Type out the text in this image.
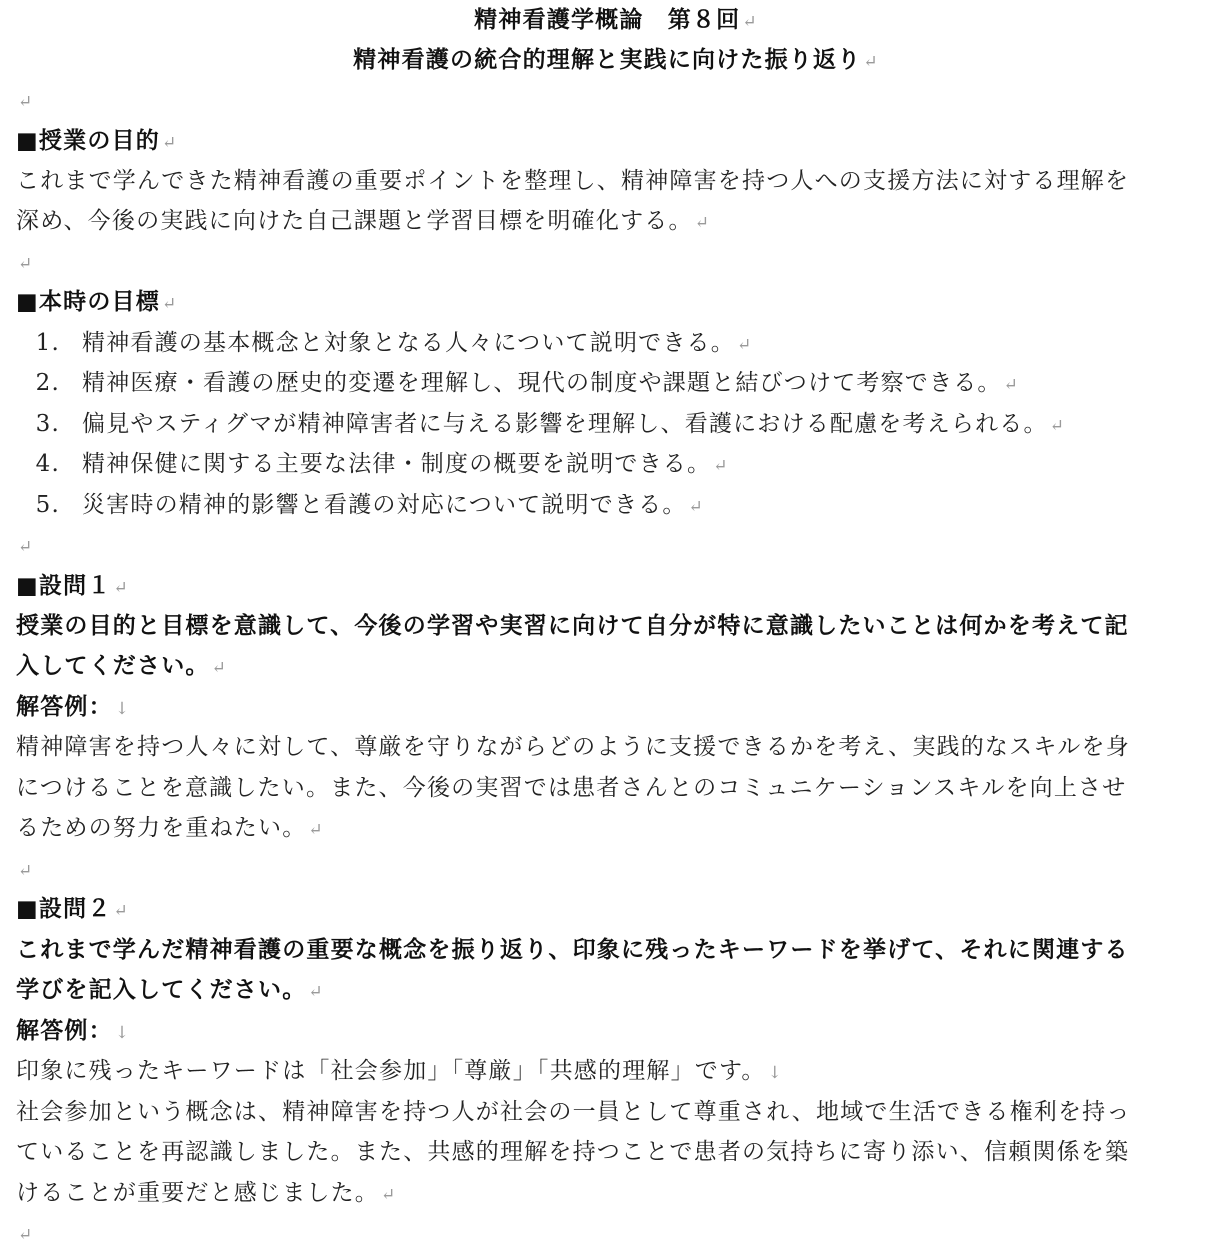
精神看護学概論　第８回 ↵
精神看護の統合的理解と実践に向けた振り返り ↵
↵
■授業の目的 ↵
これまで学んできた精神看護の重要ポイントを整理し、精神障害を持つ人への支援方法に対する理解を
深め、今後の実践に向けた自己課題と学習目標を明確化する。 ↵
↵
■本時の目標 ↵
1. 精神看護の基本概念と対象となる人々について説明できる。 ↵
2. 精神医療・看護の歴史的変遷を理解し、現代の制度や課題と結びつけて考察できる。 ↵
3. 偏見やスティグマが精神障害者に与える影響を理解し、看護における配慮を考えられる。 ↵
4. 精神保健に関する主要な法律・制度の概要を説明できる。 ↵
5. 災害時の精神的影響と看護の対応について説明できる。 ↵
↵
■設問１ ↵
授業の目的と目標を意識して、今後の学習や実習に向けて自分が特に意識したいことは何かを考えて記
入してください。 ↵
解答例： ↓
精神障害を持つ人々に対して、尊厳を守りながらどのように支援できるかを考え、実践的なスキルを身
につけることを意識したい。また、今後の実習では患者さんとのコミュニケーションスキルを向上させ
るための努力を重ねたい。 ↵
↵
■設問２ ↵
これまで学んだ精神看護の重要な概念を振り返り、印象に残ったキーワードを挙げて、それに関連する
学びを記入してください。 ↵
解答例： ↓
印象に残ったキーワードは「社会参加」「尊厳」「共感的理解」です。 ↓
社会参加という概念は、精神障害を持つ人が社会の一員として尊重され、地域で生活できる権利を持っ
ていることを再認識しました。また、共感的理解を持つことで患者の気持ちに寄り添い、信頼関係を築
けることが重要だと感じました。 ↵
↵
